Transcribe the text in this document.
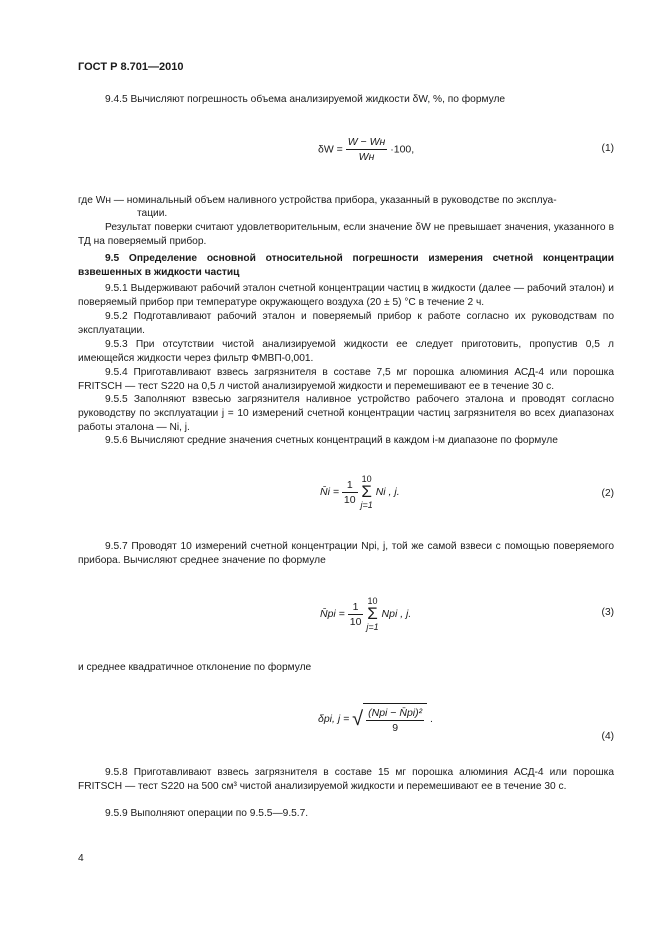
ГОСТ Р 8.701—2010
9.4.5 Вычисляют погрешность объема анализируемой жидкости δW, %, по формуле
$\delta W = \frac{W - Wн}{Wн} \cdot 100$,	(1)
где Wн — номинальный объем наливного устройства прибора, указанный в руководстве по эксплуа-
тации.
Результат поверки считают удовлетворительным, если значение δW не превышает значения, указанного в ТД на поверяемый прибор.
9.5 Определение основной относительной погрешности измерения счетной концентрации взвешенных в жидкости частиц
9.5.1 Выдерживают рабочий эталон счетной концентрации частиц в жидкости (далее — рабочий эталон) и поверяемый прибор при температуре окружающего воздуха (20 ± 5) °С в течение 2 ч.
9.5.2 Подготавливают рабочий эталон и поверяемый прибор к работе согласно их руководствам по эксплуатации.
9.5.3 При отсутствии чистой анализируемой жидкости ее следует приготовить, пропустив 0,5 л имеющейся жидкости через фильтр ФМВП-0,001.
9.5.4 Приготавливают взвесь загрязнителя в составе 7,5 мг порошка алюминия АСД-4 или порошка FRITSCH — тест S220 на 0,5 л чистой анализируемой жидкости и перемешивают ее в течение 30 с.
9.5.5 Заполняют взвесью загрязнителя наливное устройство рабочего эталона и проводят согласно руководству по эксплуатации j = 10 измерений счетной концентрации частиц загрязнителя во всех диапазонах работы эталона — Ni, j.
9.5.6 Вычисляют средние значения счетных концентраций в каждом i-м диапазоне по формуле
N̄i = $\frac{1}{10} 10$
Σ
j=1 Ni , j.	(2)
9.5.7 Проводят 10 измерений счетной концентрации Npi, j, той же самой взвеси с помощью поверяемого прибора. Вычисляют среднее значение по формуле
N̄pi = $\frac{1}{10} 10$
Σ
j=1 Npi , j.	(3)
и среднее квадратичное отклонение по формуле
δpi, j = √ $\frac{\text{(Npi − N̄pi)²}}{9}$ .
(4)
9.5.8 Приготавливают взвесь загрязнителя в составе 15 мг порошка алюминия АСД-4 или порошка FRITSCH — тест S220 на 500 см³ чистой анализируемой жидкости и перемешивают ее в течение 30 с.
9.5.9 Выполняют операции по 9.5.5—9.5.7.
4
